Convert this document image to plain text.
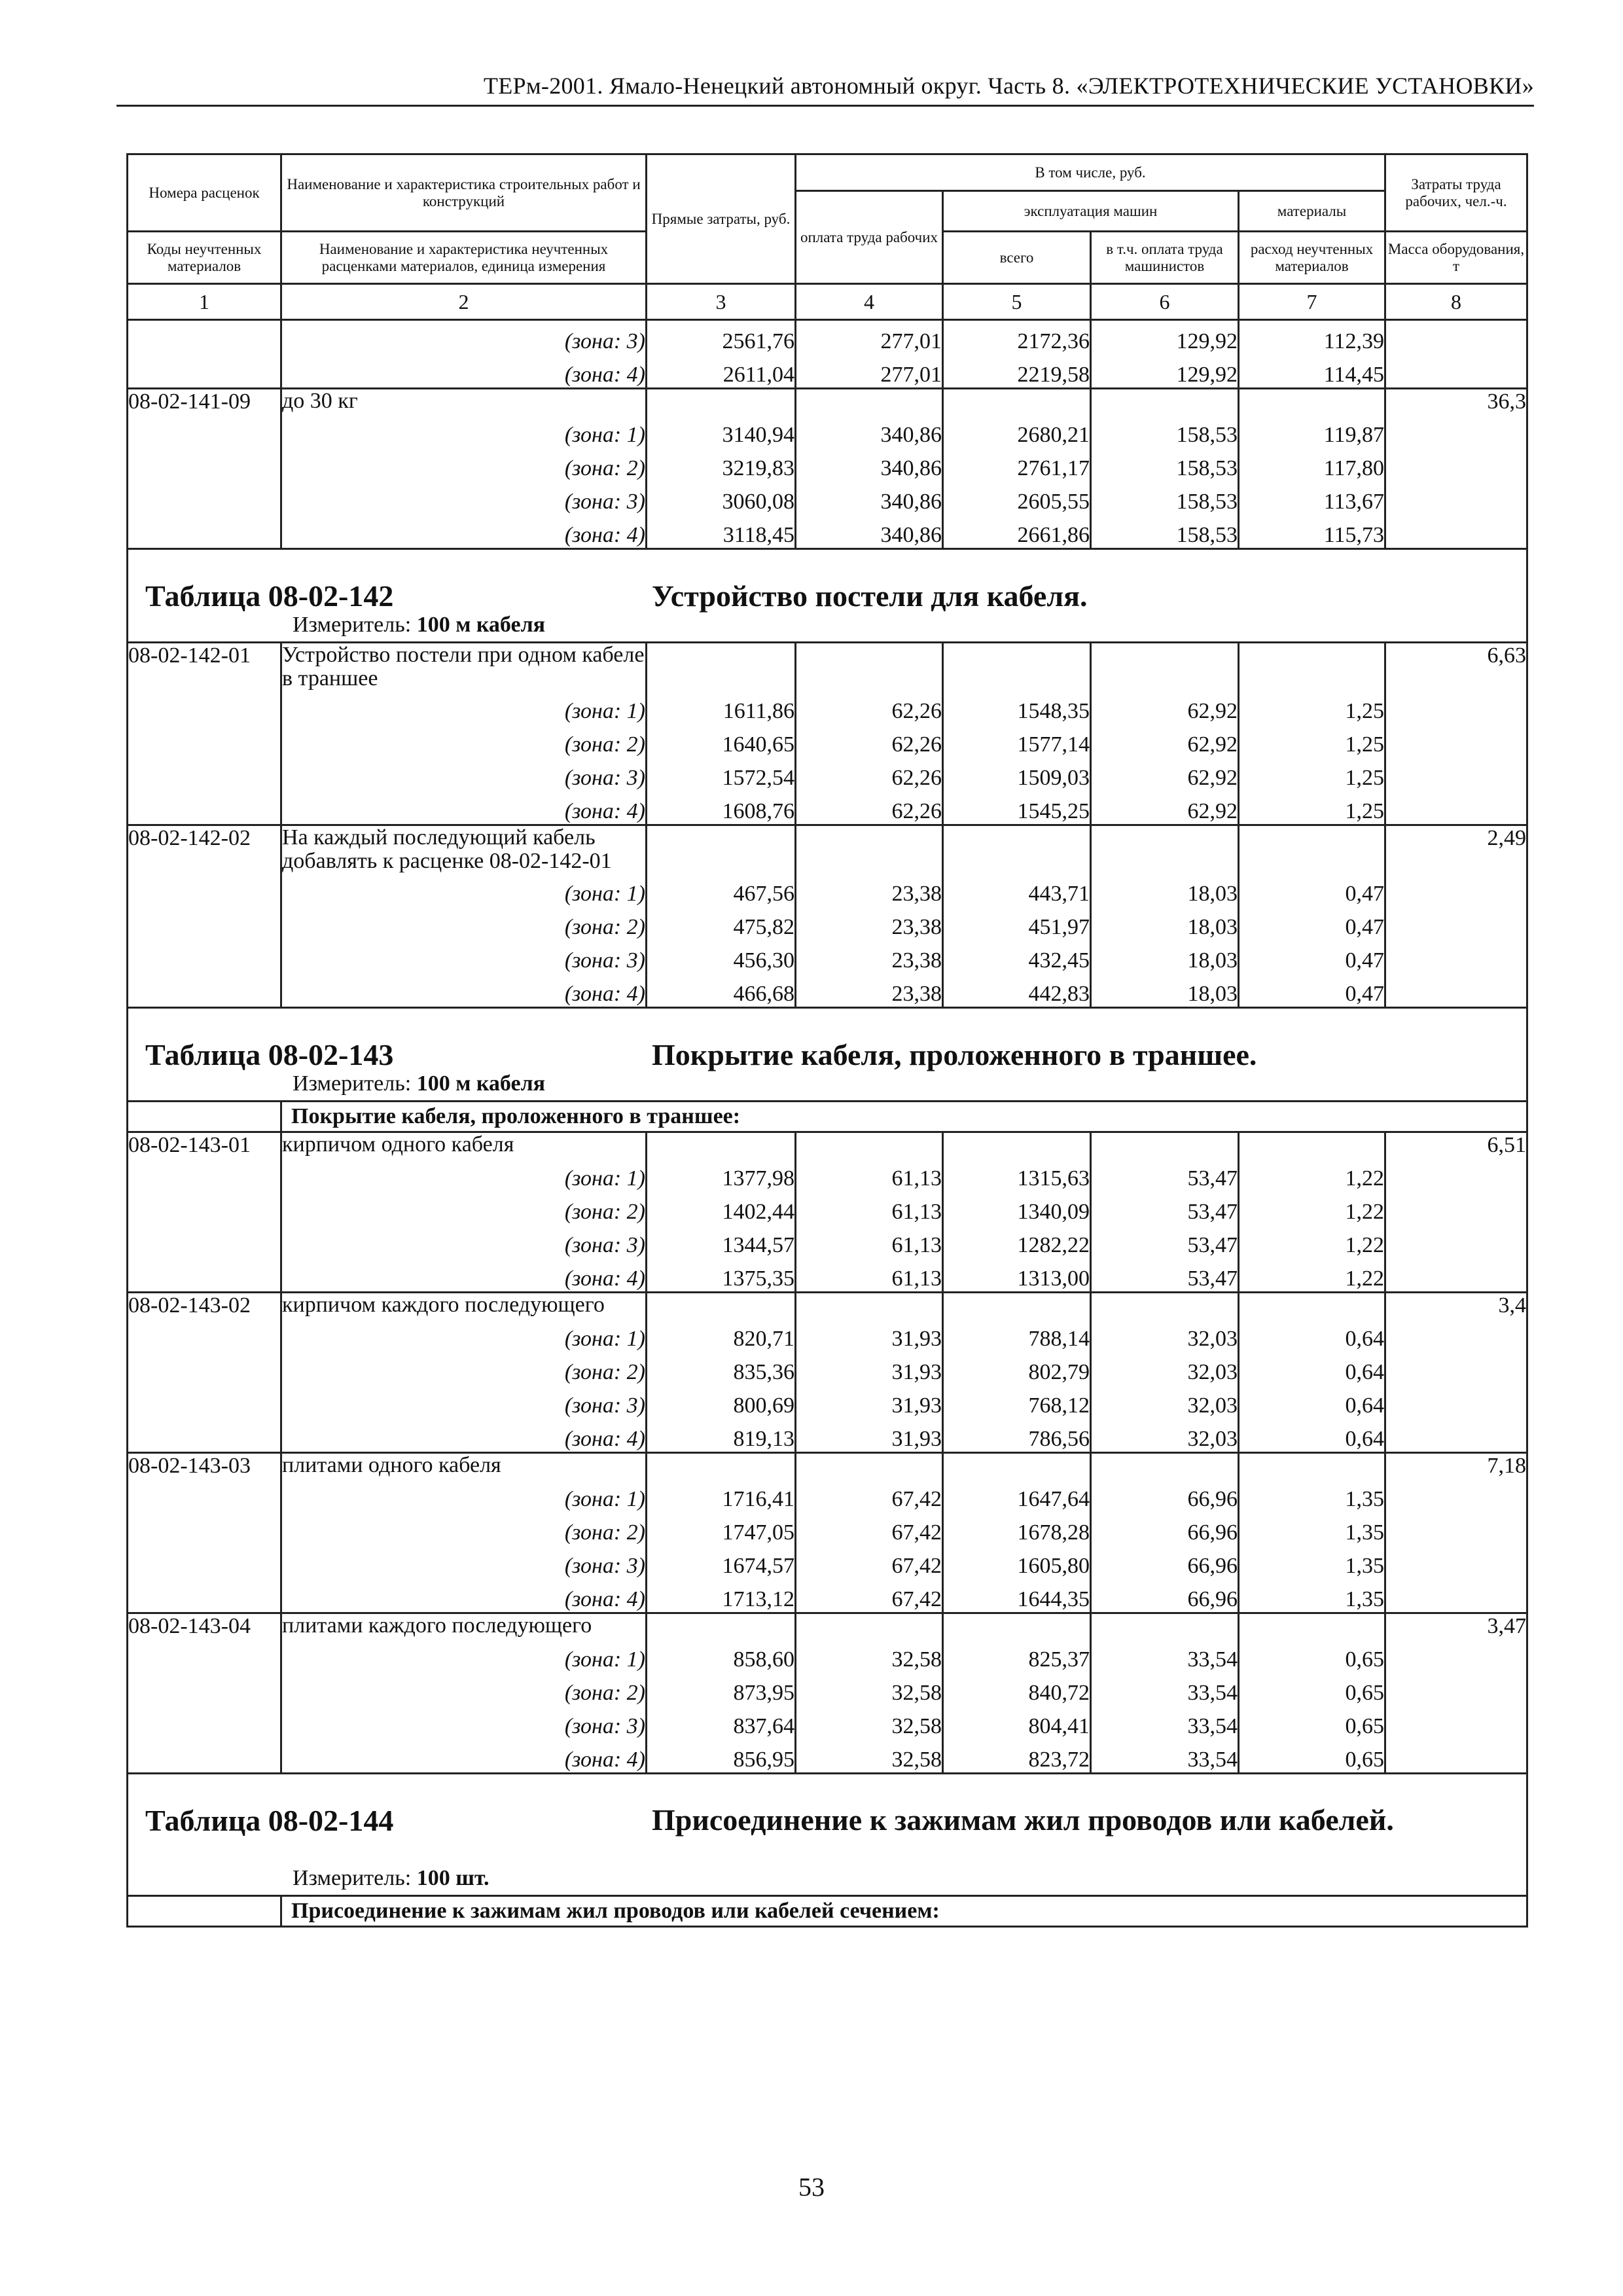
ТЕРм-2001. Ямало-Ненецкий автономный округ. Часть 8. «ЭЛЕКТРОТЕХНИЧЕСКИЕ УСТАНОВКИ»
Номера расценок	Наименование и характеристика строительных работ и конструкций	Прямые затраты, руб.	В том числе, руб.				Затраты труда рабочих, чел.-ч.
			оплата труда рабочих	эксплуатация машин		материалы	
Коды неучтенных материалов	Наименование и характеристика неучтенных расценками материалов, единица измерения			всего	в т.ч. оплата труда машинистов	расход неучтенных материалов	Масса оборудования, т
1	2	3	4	5	6	7	8
	(зона: 3)	2561,76	277,01	2172,36	129,92	112,39	
	(зона: 4)	2611,04	277,01	2219,58	129,92	114,45	
08-02-141-09	до 30 кг						36,3
	(зона: 1)	3140,94	340,86	2680,21	158,53	119,87	
	(зона: 2)	3219,83	340,86	2761,17	158,53	117,80	
	(зона: 3)	3060,08	340,86	2605,55	158,53	113,67	
	(зона: 4)	3118,45	340,86	2661,86	158,53	115,73	

Таблица 08-02-142 Устройство постели для кабеля.							

Измеритель: 100 м кабеля							

08-02-142-01	Устройство постели при одном кабеле в траншее						6,63
	(зона: 1)	1611,86	62,26	1548,35	62,92	1,25	
	(зона: 2)	1640,65	62,26	1577,14	62,92	1,25	
	(зона: 3)	1572,54	62,26	1509,03	62,92	1,25	
	(зона: 4)	1608,76	62,26	1545,25	62,92	1,25	
08-02-142-02	На каждый последующий кабель добавлять к расценке 08-02-142-01						2,49
	(зона: 1)	467,56	23,38	443,71	18,03	0,47	
	(зона: 2)	475,82	23,38	451,97	18,03	0,47	
	(зона: 3)	456,30	23,38	432,45	18,03	0,47	
	(зона: 4)	466,68	23,38	442,83	18,03	0,47	

Таблица 08-02-143 Покрытие кабеля, проложенного в траншее.							

Измеритель: 100 м кабеля							

	Покрытие кабеля, проложенного в траншее:						
08-02-143-01	кирпичом одного кабеля						6,51
	(зона: 1)	1377,98	61,13	1315,63	53,47	1,22	
	(зона: 2)	1402,44	61,13	1340,09	53,47	1,22	
	(зона: 3)	1344,57	61,13	1282,22	53,47	1,22	
	(зона: 4)	1375,35	61,13	1313,00	53,47	1,22	
08-02-143-02	кирпичом каждого последующего						3,4
	(зона: 1)	820,71	31,93	788,14	32,03	0,64	
	(зона: 2)	835,36	31,93	802,79	32,03	0,64	
	(зона: 3)	800,69	31,93	768,12	32,03	0,64	
	(зона: 4)	819,13	31,93	786,56	32,03	0,64	
08-02-143-03	плитами одного кабеля						7,18
	(зона: 1)	1716,41	67,42	1647,64	66,96	1,35	
	(зона: 2)	1747,05	67,42	1678,28	66,96	1,35	
	(зона: 3)	1674,57	67,42	1605,80	66,96	1,35	
	(зона: 4)	1713,12	67,42	1644,35	66,96	1,35	
08-02-143-04	плитами каждого последующего						3,47
	(зона: 1)	858,60	32,58	825,37	33,54	0,65	
	(зона: 2)	873,95	32,58	840,72	33,54	0,65	
	(зона: 3)	837,64	32,58	804,41	33,54	0,65	
	(зона: 4)	856,95	32,58	823,72	33,54	0,65	

Таблица 08-02-144 Присоединение к зажимам жил проводов или кабелей.							

Измеритель: 100 шт.							

	Присоединение к зажимам жил проводов или кабелей сечением:						
53
